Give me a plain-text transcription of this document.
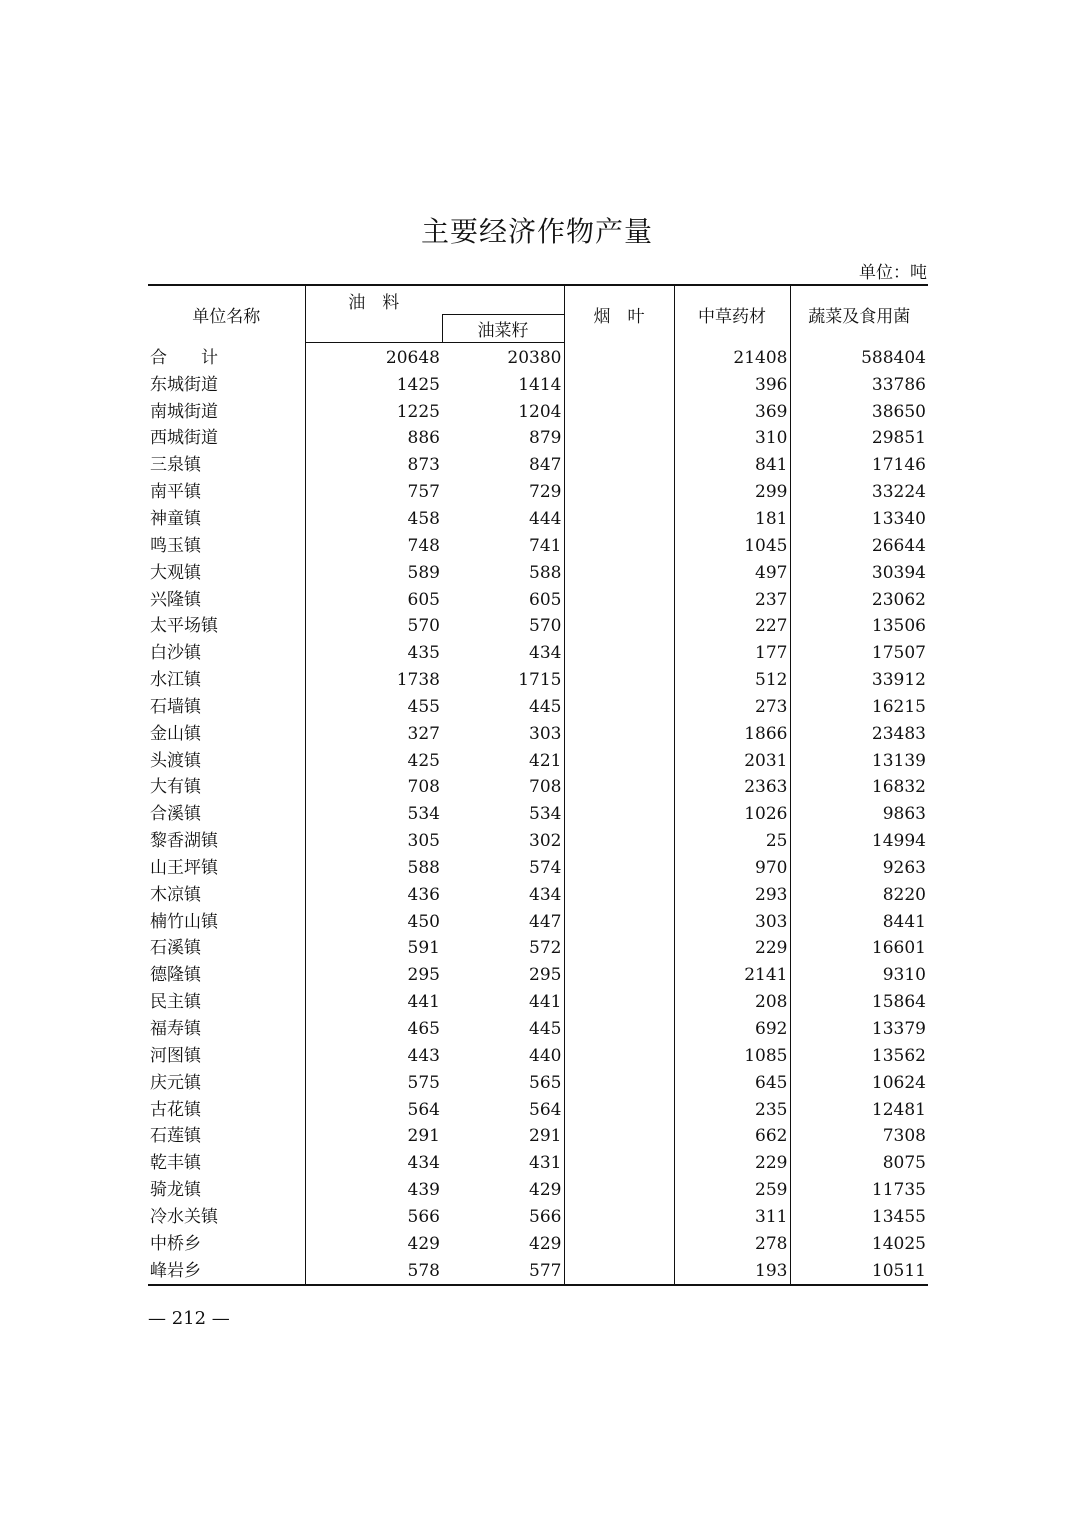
主要经济作物产量
单位：吨
单位名称	油　料		烟　叶	中草药材	蔬菜及食用菌
		油菜籽			
合　　计	20648	20380		21408	588404
东城街道	1425	1414		396	33786
南城街道	1225	1204		369	38650
西城街道	886	879		310	29851
三泉镇	873	847		841	17146
南平镇	757	729		299	33224
神童镇	458	444		181	13340
鸣玉镇	748	741		1045	26644
大观镇	589	588		497	30394
兴隆镇	605	605		237	23062
太平场镇	570	570		227	13506
白沙镇	435	434		177	17507
水江镇	1738	1715		512	33912
石墙镇	455	445		273	16215
金山镇	327	303		1866	23483
头渡镇	425	421		2031	13139
大有镇	708	708		2363	16832
合溪镇	534	534		1026	9863
黎香湖镇	305	302		25	14994
山王坪镇	588	574		970	9263
木凉镇	436	434		293	8220
楠竹山镇	450	447		303	8441
石溪镇	591	572		229	16601
德隆镇	295	295		2141	9310
民主镇	441	441		208	15864
福寿镇	465	445		692	13379
河图镇	443	440		1085	13562
庆元镇	575	565		645	10624
古花镇	564	564		235	12481
石莲镇	291	291		662	7308
乾丰镇	434	431		229	8075
骑龙镇	439	429		259	11735
冷水关镇	566	566		311	13455
中桥乡	429	429		278	14025
峰岩乡	578	577		193	10511
— 212 —
